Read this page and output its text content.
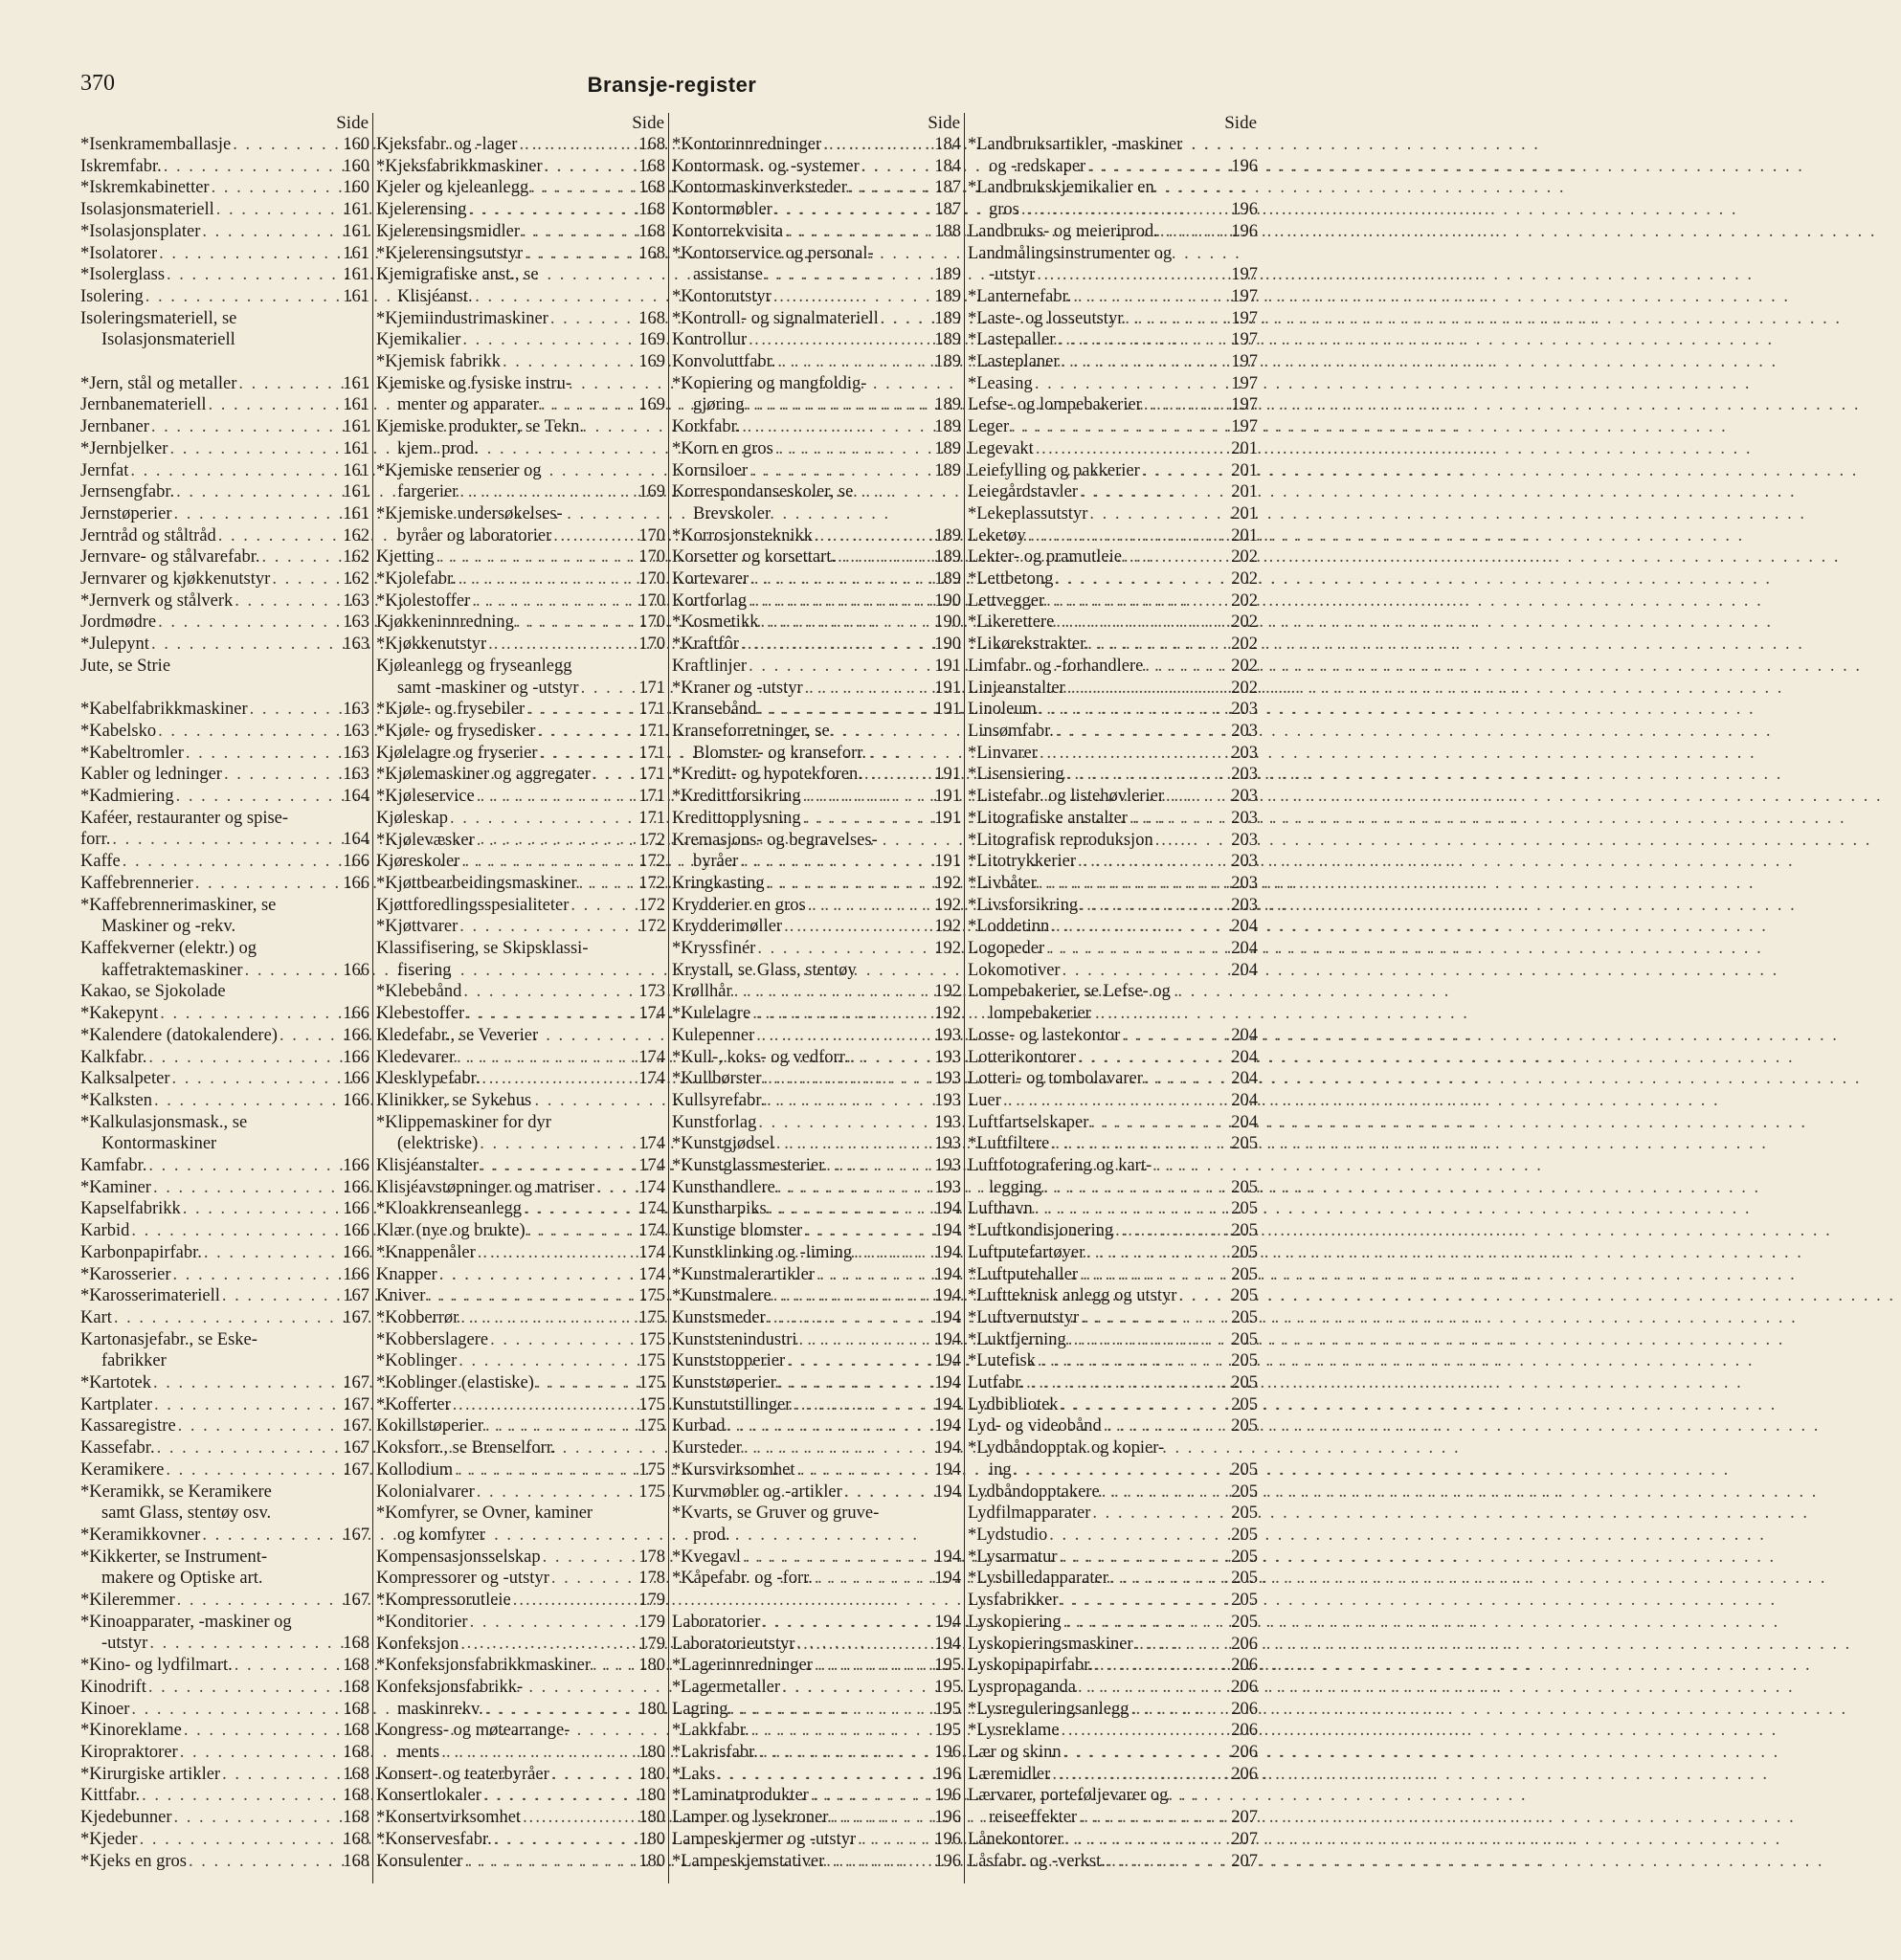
370	Bransje-register
Side
*Isenkramemballasje . . .	160
Iskremfabr. . . .	160
*Iskremkabinetter . . .	160
Isolasjonsmateriell . . .	161
*Isolasjonsplater . . .	161
*Isolatorer . . .	161
*Isolerglass . . .	161
Isolering . . .	161
Isoleringsmateriell, se
Isolasjonsmateriell
*Jern, stål og metaller . . .	161
Jernbanemateriell . . .	161
Jernbaner . . .	161
*Jernbjelker . . .	161
Jernfat . . .	161
Jernsengfabr. . . .	161
Jernstøperier . . .	161
Jerntråd og ståltråd . . .	162
Jernvare- og stålvarefabr. . . .	162
Jernvarer og kjøkkenutstyr . . .	162
*Jernverk og stålverk . . .	163
Jordmødre . . .	163
*Julepynt . . .	163
Jute, se Strie
*Kabelfabrikkmaskiner . . .	163
*Kabelsko . . .	163
*Kabeltromler . . .	163
Kabler og ledninger . . .	163
*Kadmiering . . .	164
Kaféer, restauranter og spise-
forr. . . .	164
Kaffe . . .	166
Kaffebrennerier . . .	166
*Kaffebrennerimaskiner, se
Maskiner og -rekv.
Kaffekverner (elektr.) og
kaffetraktemaskiner . . .	166
Kakao, se Sjokolade
*Kakepynt . . .	166
*Kalendere (datokalendere) . . .	166
Kalkfabr. . . .	166
Kalksalpeter . . .	166
*Kalksten . . .	166
*Kalkulasjonsmask., se
Kontormaskiner
Kamfabr. . . .	166
*Kaminer . . .	166
Kapselfabrikk . . .	166
Karbid . . .	166
Karbonpapirfabr. . . .	166
*Karosserier . . .	166
*Karosserimateriell . . .	167
Kart . . .	167
Kartonasjefabr., se Eske-
fabrikker
*Kartotek . . .	167
Kartplater . . .	167
Kassaregistre . . .	167
Kassefabr. . . .	167
Keramikere . . .	167
*Keramikk, se Keramikere
samt Glass, stentøy osv.
*Keramikkovner . . .	167
*Kikkerter, se Instrument-
makere og Optiske art.
*Kileremmer . . .	167
*Kinoapparater, -maskiner og
-utstyr . . .	168
*Kino- og lydfilmart. . . .	168
Kinodrift . . .	168
Kinoer . . .	168
*Kinoreklame . . .	168
Kiropraktorer . . .	168
*Kirurgiske artikler . . .	168
Kittfabr. . . .	168
Kjedebunner . . .	168
*Kjeder . . .	168
*Kjeks en gros . . .	168
Side
Kjeksfabr. og -lager . . .	168
*Kjeksfabrikkmaskiner . . .	168
Kjeler og kjeleanlegg . . .	168
Kjelerensing . . .	168
Kjelerensingsmidler . . .	168
*Kjelerensingsutstyr . . .	168
Kjemigrafiske anst., se
Klisjéanst.
*Kjemiindustrimaskiner . . .	168
Kjemikalier . . .	169
*Kjemisk fabrikk . . .	169
Kjemiske og fysiske instru-
menter og apparater . . .	169
Kjemiske produkter, se Tekn.
kjem. prod.
*Kjemiske renserier og
fargerier . . .	169
*Kjemiske undersøkelses-
byråer og laboratorier . . .	170
Kjetting . . .	170
*Kjolefabr. . . .	170
*Kjolestoffer . . .	170
Kjøkkeninnredning . . .	170
*Kjøkkenutstyr . . .	170
Kjøleanlegg og fryseanlegg
samt -maskiner og -utstyr . . .	171
*Kjøle- og frysebiler . . .	171
*Kjøle- og frysedisker . . .	171
Kjølelagre og fryserier . . .	171
*Kjølemaskiner og aggregater . . .	171
*Kjøleservice . . .	171
Kjøleskap . . .	171
*Kjølevæsker . . .	172
Kjøreskoler . . .	172
*Kjøttbearbeidingsmaskiner . . .	172
Kjøttforedlingsspesialiteter . . .	172
*Kjøttvarer . . .	172
Klassifisering, se Skipsklassi-
fisering
*Klebebånd . . .	173
Klebestoffer . . .	174
Kledefabr., se Veverier
Kledevarer . . .	174
Klesklypefabr. . . .	174
Klinikker, se Sykehus
*Klippemaskiner for dyr
(elektriske) . . .	174
Klisjéanstalter . . .	174
Klisjéavstøpninger og matriser . . . 174
*Kloakkrenseanlegg . . .	174
Klær (nye og brukte) . . .	174
*Knappenåler . . .	174
Knapper . . .	174
Kniver . . .	175
*Kobberrør . . .	175
*Kobberslagere . . .	175
*Koblinger . . .	175
*Koblinger (elastiske) . . .	175
*Kofferter . . .	175
Kokillstøperier . . .	175
Koksforr., se Brenselforr.
Kollodium . . .	175
Kolonialvarer . . .	175
*Komfyrer, se Ovner, kaminer
og komfyrer
Kompensasjonsselskap . . .	178
Kompressorer og -utstyr . . .	178
*Kompressorutleie . . .	179
*Konditorier . . .	179
Konfeksjon . . .	179
*Konfeksjonsfabrikkmaskiner . . .	180
Konfeksjonsfabrikk-
maskinrekv. . . .	180
Kongress- og møtearrange-
ments . . .	180
Konsert- og teaterbyråer . . .	180
Konsertlokaler . . .	180
*Konsertvirksomhet . . .	180
*Konservesfabr. . . .	180
Konsulenter . . .	180
Side
*Kontorinnredninger . . .	184
Kontormask. og -systemer . . .	184
Kontormaskinverksteder . . .	187
Kontormøbler . . .	187
Kontorrekvisita . . .	188
*Kontorservice og personal-
assistanse . . .	189
*Kontorutstyr . . .	189
*Kontroll- og signalmateriell . . .	189
Kontrollur . . .	189
Konvoluttfabr. . . .	189
*Kopiering og mangfoldig-
gjøring . . .	189
Korkfabr. . . .	189
*Korn en gros . . .	189
Kornsiloer . . .	189
Korrespondanseskoler, se
Brevskoler
*Korrosjonsteknikk . . .	189
Korsetter og korsettart. . . .	189
Kortevarer . . .	189
Kortforlag . . .	190
*Kosmetikk . . .	190
*Kraftfôr . . .	190
Kraftlinjer . . .	191
*Kraner og -utstyr . . .	191
Kransebånd . . .	191
Kranseforretninger, se
Blomster- og kranseforr.
*Kreditt- og hypotekforen. . . .	191
*Kredittforsikring . . .	191
Kredittopplysning . . .	191
Kremasjons- og begravelses-
byråer . . .	191
Kringkasting . . .	192
Krydderier en gros . . .	192
Krydderimøller . . .	192
*Kryssfinér . . .	192
Krystall, se Glass, stentøy
Krøllhår . . .	192
*Kulelagre . . .	192
Kulepenner . . .	193
*Kull-, koks- og vedforr. . . .	193
*Kullbørster . . .	193
Kullsyrefabr. . . .	193
Kunstforlag . . .	193
*Kunstgjødsel . . .	193
*Kunstglassmesterier . . .	193
Kunsthandlere . . .	193
Kunstharpiks . . .	194
Kunstige blomster . . .	194
Kunstklinking og -liming . . .	194
*Kunstmalerartikler . . .	194
*Kunstmalere . . .	194
Kunstsmeder . . .	194
Kunststenindustri . . .	194
Kunststopperier . . .	194
Kunststøperier . . .	194
Kunstutstillinger . . .	194
Kurbad . . .	194
Kursteder . . .	194
*Kursvirksomhet . . .	194
Kurvmøbler og -artikler . . .	194
*Kvarts, se Gruver og gruve-
prod.
*Kvegavl . . .	194
*Kåpefabr. og -forr. . . .	194
Laboratorier . . .	194
Laboratorieutstyr . . .	194
*Lagerinnredninger . . .	195
*Lagermetaller . . .	195
Lagring . . .	195
*Lakkfabr. . . .	195
*Lakrisfabr. . . .	196
*Laks . . .	196
*Laminatprodukter . . .	196
Lamper og lysekroner . . .	196
Lampeskjermer og -utstyr . . .	196
*Lampeskjemstativer . . .	196
Side
*Landbruksartikler, -maskiner
og -redskaper . . .	196
*Landbrukskjemikalier en
gros . . .	196
Landbruks- og meieriprod. . . .	196
Landmålingsinstrumenter og
-utstyr . . .	197
*Lanternefabr. . . .	197
*Laste- og losseutstyr . . .	197
*Lastepaller . . .	197
*Lasteplaner . . .	197
*Leasing . . .	197
Lefse- og lompebakerier . . .	197
Leger . . .	197
Legevakt . . .	201
Leiefylling og pakkerier . . .	201
Leiegårdstavler . . .	201
*Lekeplassutstyr . . .	201
Leketøy . . .	201
Lekter- og pramutleie . . .	202
*Lettbetong . . .	202
Lettvegger . . .	202
*Likerettere . . .	202
*Likørekstrakter . . .	202
Limfabr. og -forhandlere . . .	202
Linjeanstalter . . .	202
Linoleum . . .	203
Linsømfabr. . . .	203
*Linvarer . . .	203
*Lisensiering . . .	203
*Listefabr. og listehøvlerier . . .	203
*Litografiske anstalter . . .	203
*Litografisk reproduksjon . . .	203
*Litotrykkerier . . .	203
*Livbåter . . .	203
*Livsforsikring . . .	203
*Loddetinn . . .	204
Logopeder . . .	204
Lokomotiver . . .	204
Lompebakerier, se Lefse- og
lompebakerier
Losse- og lastekontor . . .	204
Lotterikontorer . . .	204
Lotteri- og tombolavarer . . .	204
Luer . . .	204
Luftfartselskaper . . .	204
*Luftfiltere . . .	205
Luftfotografering og kart-
legging . . .	205
Lufthavn . . .	205
*Luftkondisjonering . . .	205
Luftputefartøyer . . .	205
*Luftputehaller . . .	205
*Luftteknisk anlegg og utstyr . . .	205
*Luftvernutstyr . . .	205
*Luktfjerning . . .	205
*Lutefisk . . .	205
Lutfabr. . . .	205
Lydbibliotek . . .	205
Lyd- og videobånd . . .	205
*Lydbåndopptak og kopier-
ing . . .	205
Lydbåndopptakere . . .	205
Lydfilmapparater . . .	205
*Lydstudio . . .	205
*Lysarmatur . . .	205
*Lysbilledapparater . . .	205
Lysfabrikker . . .	205
Lyskopiering . . .	205
Lyskopieringsmaskiner . . .	206
Lyskopipapirfabr. . . .	206
Lyspropaganda . . .	206
*Lysreguleringsanlegg . . .	206
*Lysreklame . . .	206
Lær og skinn . . .	206
Læremidler . . .	206
Lærvarer, porteføljevarer og
reiseeffekter . . .	207
Lånekontorer . . .	207
Låsfabr. og -verkst. . . .	207
